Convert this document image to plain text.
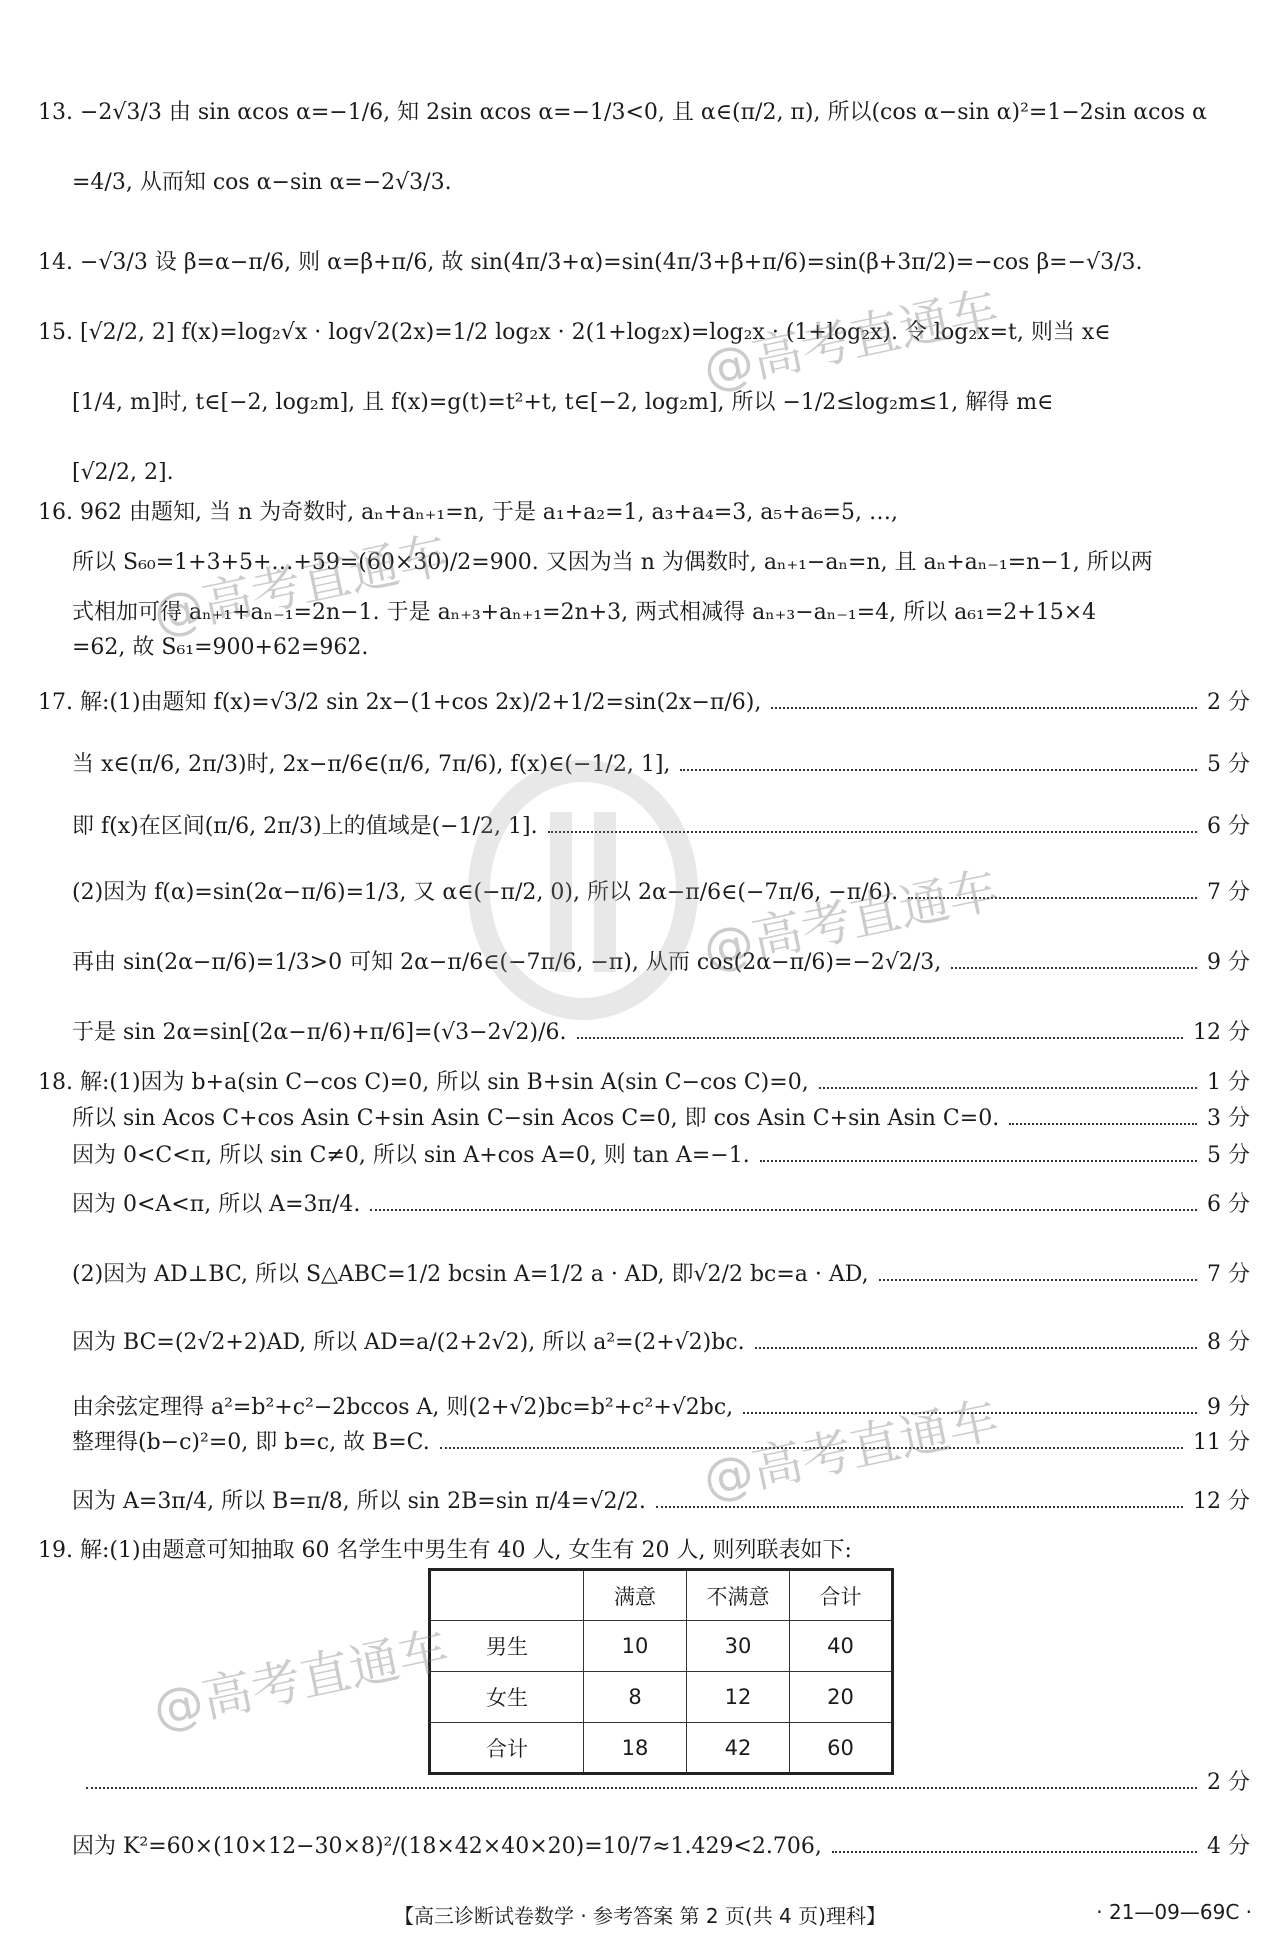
13. −2√3/3 由 sin αcos α=−1/6, 知 2sin αcos α=−1/3<0, 且 α∈(π/2, π), 所以(cos α−sin α)²=1−2sin αcos α
=4/3, 从而知 cos α−sin α=−2√3/3.
14. −√3/3 设 β=α−π/6, 则 α=β+π/6, 故 sin(4π/3+α)=sin(4π/3+β+π/6)=sin(β+3π/2)=−cos β=−√3/3.
15. [√2/2, 2] f(x)=log₂√x · log√2(2x)=1/2 log₂x · 2(1+log₂x)=log₂x · (1+log₂x). 令 log₂x=t, 则当 x∈
[1/4, m]时, t∈[−2, log₂m], 且 f(x)=g(t)=t²+t, t∈[−2, log₂m], 所以 −1/2≤log₂m≤1, 解得 m∈
[√2/2, 2].
16. 962 由题知, 当 n 为奇数时, aₙ+aₙ₊₁=n, 于是 a₁+a₂=1, a₃+a₄=3, a₅+a₆=5, …,
所以 S₆₀=1+3+5+…+59=(60×30)/2=900. 又因为当 n 为偶数时, aₙ₊₁−aₙ=n, 且 aₙ+aₙ₋₁=n−1, 所以两
式相加可得 aₙ₊₁+aₙ₋₁=2n−1. 于是 aₙ₊₃+aₙ₊₁=2n+3, 两式相减得 aₙ₊₃−aₙ₋₁=4, 所以 a₆₁=2+15×4
=62, 故 S₆₁=900+62=962.
17. 解:(1)由题知 f(x)=√3/2 sin 2x−(1+cos 2x)/2+1/2=sin(2x−π/6),	2 分
当 x∈(π/6, 2π/3)时, 2x−π/6∈(π/6, 7π/6), f(x)∈(−1/2, 1],	5 分
即 f(x)在区间(π/6, 2π/3)上的值域是(−1/2, 1].	6 分
(2)因为 f(α)=sin(2α−π/6)=1/3, 又 α∈(−π/2, 0), 所以 2α−π/6∈(−7π/6, −π/6).	7 分
再由 sin(2α−π/6)=1/3>0 可知 2α−π/6∈(−7π/6, −π), 从而 cos(2α−π/6)=−2√2/3,	9 分
于是 sin 2α=sin[(2α−π/6)+π/6]=(√3−2√2)/6.	12 分
18. 解:(1)因为 b+a(sin C−cos C)=0, 所以 sin B+sin A(sin C−cos C)=0,	1 分
所以 sin Acos C+cos Asin C+sin Asin C−sin Acos C=0, 即 cos Asin C+sin Asin C=0.	3 分
因为 0<C<π, 所以 sin C≠0, 所以 sin A+cos A=0, 则 tan A=−1.	5 分
因为 0<A<π, 所以 A=3π/4.	6 分
(2)因为 AD⊥BC, 所以 S△ABC=1/2 bcsin A=1/2 a · AD, 即√2/2 bc=a · AD,	7 分
因为 BC=(2√2+2)AD, 所以 AD=a/(2+2√2), 所以 a²=(2+√2)bc.	8 分
由余弦定理得 a²=b²+c²−2bccos A, 则(2+√2)bc=b²+c²+√2bc,	9 分
整理得(b−c)²=0, 即 b=c, 故 B=C.	11 分
因为 A=3π/4, 所以 B=π/8, 所以 sin 2B=sin π/4=√2/2.	12 分
19. 解:(1)由题意可知抽取 60 名学生中男生有 40 人, 女生有 20 人, 则列联表如下:
	满意	不满意	合计
男生	10	30	40
女生	8	12	20
合计	18	42	60
2 分
因为 K²=60×(10×12−30×8)²/(18×42×40×20)=10/7≈1.429<2.706,	4 分
@高考直通车
@高考直通车
@高考直通车
@高考直通车
@高考直通车
【高三诊断试卷数学 · 参考答案 第 2 页(共 4 页)理科】	· 21—09—69C ·
